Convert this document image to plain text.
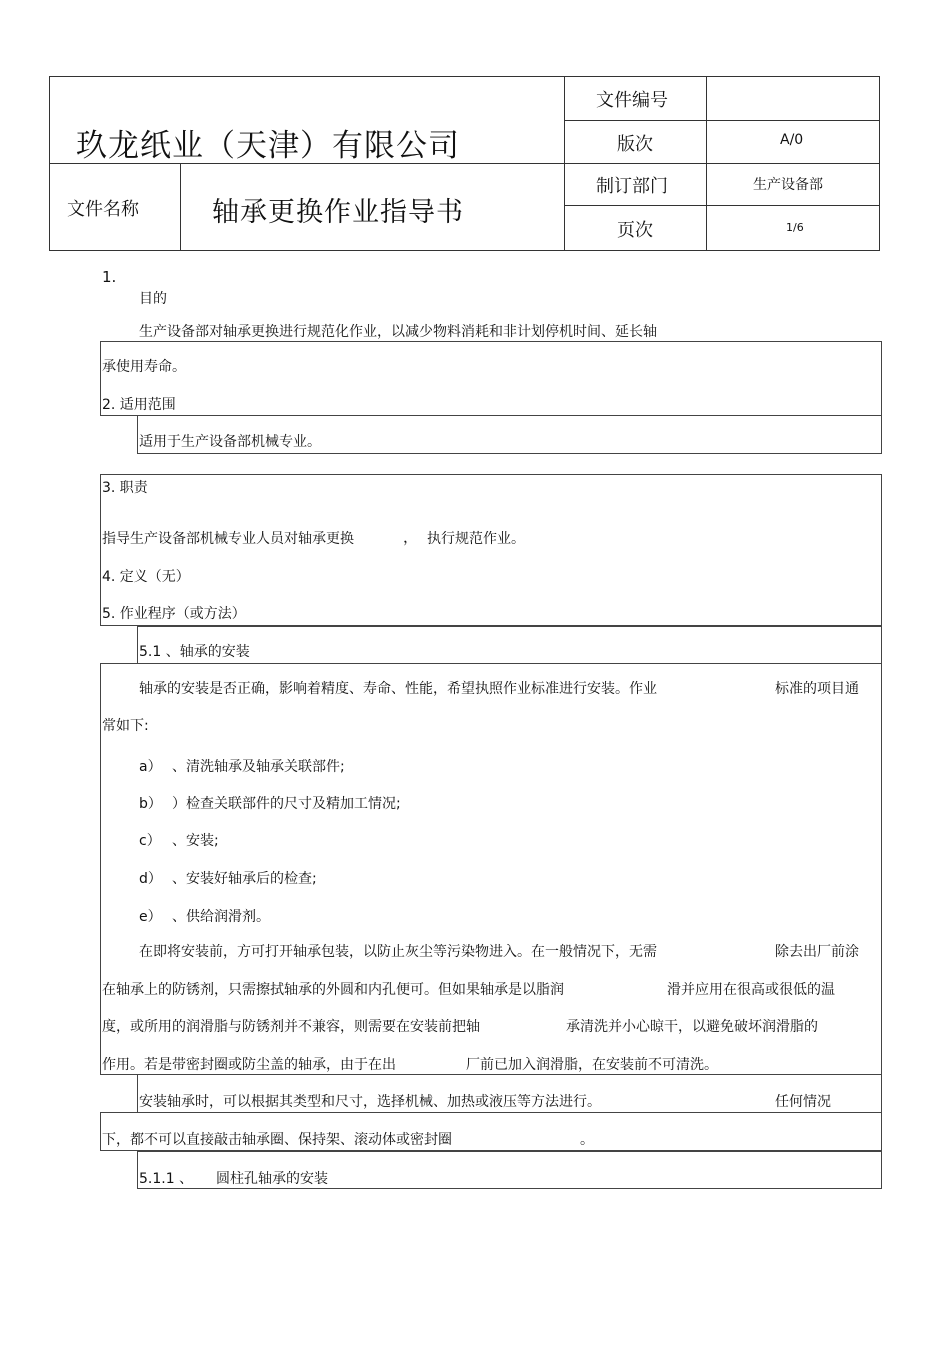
玖龙纸业（天津）有限公司
文件名称	轴承更换作业指导书
文件编号
版次	A/0
制订部门	生产设备部
页次	1/6
1.
目的
生产设备部对轴承更换进行规范化作业，以减少物料消耗和非计划停机时间、延长轴
承使用寿命。
2. 适用范围
适用于生产设备部机械专业。
3. 职责
指导生产设备部机械专业人员对轴承更换	， 执行规范作业。
4. 定义（无）
5. 作业程序（或方法）
5.1 、轴承的安装
轴承的安装是否正确，影响着精度、寿命、性能，希望执照作业标准进行安装。作业	标准的项目通
常如下:
a） 、清洗轴承及轴承关联部件;
b） ）检查关联部件的尺寸及精加工情况;
c） 、安装;
d） 、安装好轴承后的检查;
e） 、供给润滑剂。
在即将安装前，方可打开轴承包装，以防止灰尘等污染物进入。在一般情况下，无需	除去出厂前涂
在轴承上的防锈剂，只需擦拭轴承的外圆和内孔便可。但如果轴承是以脂润	滑并应用在很高或很低的温
度，或所用的润滑脂与防锈剂并不兼容，则需要在安装前把轴	承清洗并小心晾干，以避免破坏润滑脂的
作用。若是带密封圈或防尘盖的轴承，由于在出	厂前已加入润滑脂，在安装前不可清洗。
安装轴承时，可以根据其类型和尺寸，选择机械、加热或液压等方法进行。	任何情况
下，都不可以直接敲击轴承圈、保持架、滚动体或密封圈	。
5.1.1 、 圆柱孔轴承的安装
